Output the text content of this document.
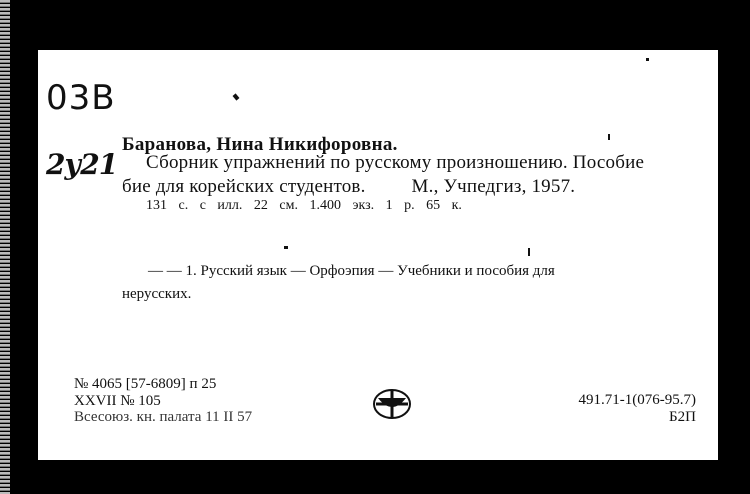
03B
2у21
Баранова, Нина Никифоровна.
Сборник упражнений по русскому произношению. Пособие
бие для корейских студентов. М., Учпедгиз, 1957.
131 с. с илл. 22 см. 1.400 экз. 1 р. 65 к.
— — 1. Русский язык — Орфоэпия — Учебники и пособия для
нерусских.
№ 4065 [57-6809] п 25
XXVII № 105
Всесоюз. кн. палата 11 II 57
491.71-1(076-95.7)
Б2П
